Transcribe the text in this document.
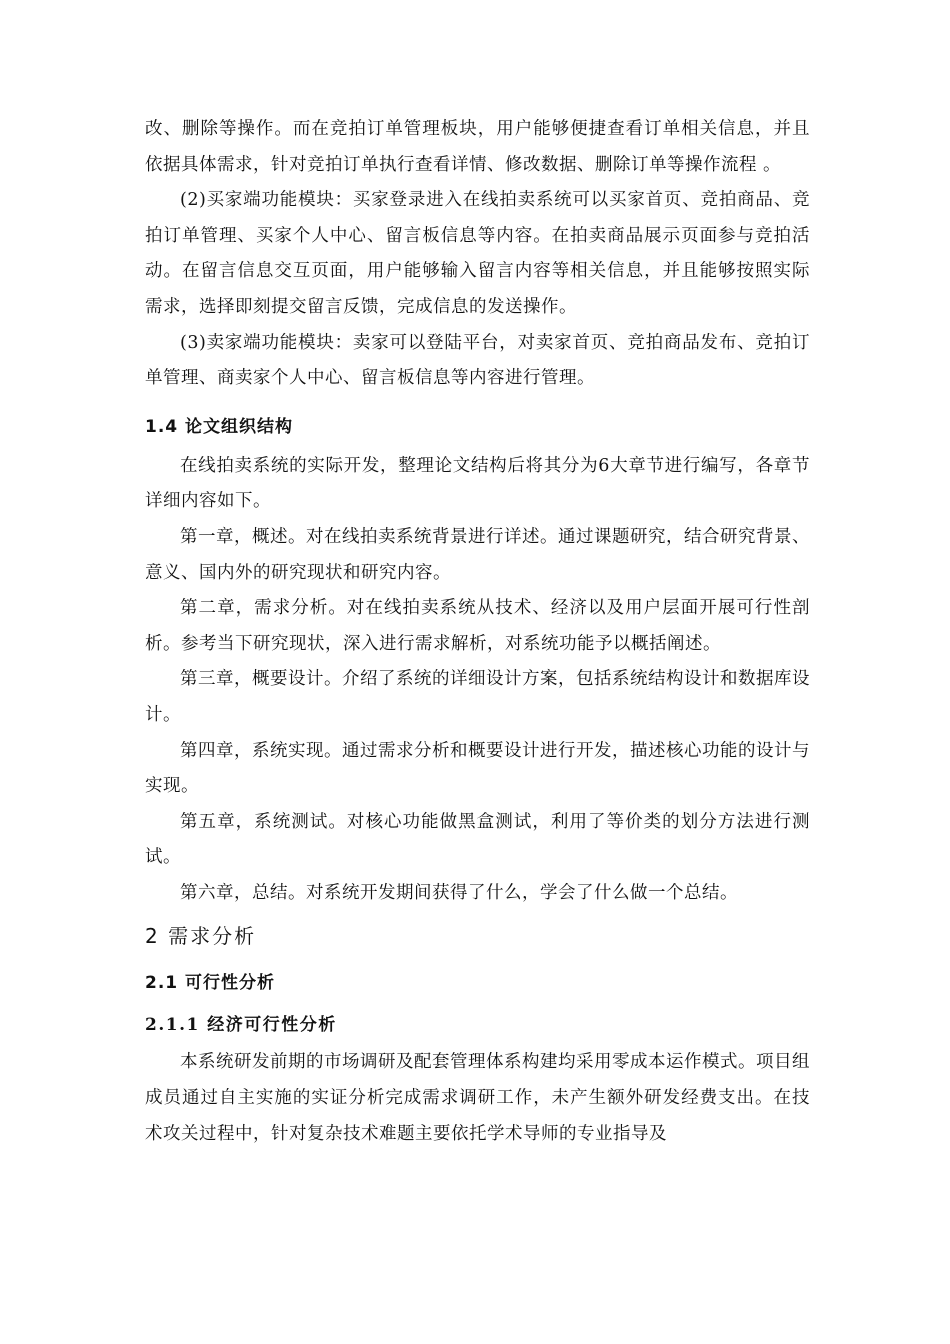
改、删除等操作。而在竞拍订单管理板块，用户能够便捷查看订单相关信息，并且依据具体需求，针对竞拍订单执行查看详情、修改数据、删除订单等操作流程 。

(2)买家端功能模块：买家登录进入在线拍卖系统可以买家首页、竞拍商品、竞拍订单管理、买家个人中心、留言板信息等内容。在拍卖商品展示页面参与竞拍活动。在留言信息交互页面，用户能够输入留言内容等相关信息，并且能够按照实际需求，选择即刻提交留言反馈，完成信息的发送操作。

(3)卖家端功能模块：卖家可以登陆平台，对卖家首页、竞拍商品发布、竞拍订单管理、商卖家个人中心、留言板信息等内容进行管理。

1.4 论文组织结构

在线拍卖系统的实际开发，整理论文结构后将其分为6大章节进行编写，各章节详细内容如下。

第一章，概述。对在线拍卖系统背景进行详述。通过课题研究，结合研究背景、意义、国内外的研究现状和研究内容。

第二章，需求分析。对在线拍卖系统从技术、经济以及用户层面开展可行性剖析。参考当下研究现状，深入进行需求解析，对系统功能予以概括阐述。

第三章，概要设计。介绍了系统的详细设计方案，包括系统结构设计和数据库设计。

第四章，系统实现。通过需求分析和概要设计进行开发，描述核心功能的设计与实现。

第五章，系统测试。对核心功能做黑盒测试，利用了等价类的划分方法进行测试。

第六章，总结。对系统开发期间获得了什么，学会了什么做一个总结。

2 需求分析
2.1 可行性分析
2.1.1 经济可行性分析

本系统研发前期的市场调研及配套管理体系构建均采用零成本运作模式。项目组成员通过自主实施的实证分析完成需求调研工作，未产生额外研发经费支出。在技术攻关过程中，针对复杂技术难题主要依托学术导师的专业指导及
